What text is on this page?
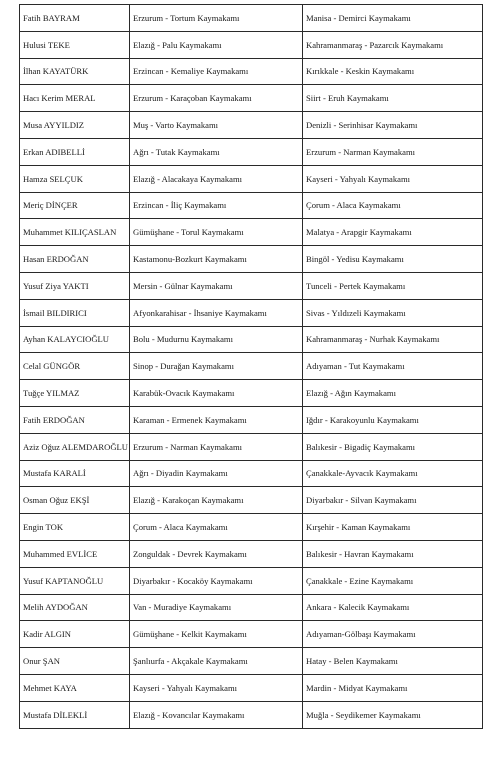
Fatih BAYRAM	Erzurum - Tortum Kaymakamı	Manisa - Demirci Kaymakamı
Hulusi TEKE	Elazığ - Palu Kaymakamı	Kahramanmaraş - Pazarcık Kaymakamı
İlhan KAYATÜRK	Erzincan - Kemaliye Kaymakamı	Kırıkkale - Keskin Kaymakamı
Hacı Kerim MERAL	Erzurum - Karaçoban Kaymakamı	Siirt - Eruh Kaymakamı
Musa AYYILDIZ	Muş - Varto Kaymakamı	Denizli - Serinhisar Kaymakamı
Erkan ADIBELLİ	Ağrı - Tutak Kaymakamı	Erzurum - Narman Kaymakamı
Hamza SELÇUK	Elazığ - Alacakaya Kaymakamı	Kayseri - Yahyalı Kaymakamı
Meriç DİNÇER	Erzincan - İliç Kaymakamı	Çorum - Alaca Kaymakamı
Muhammet KILIÇASLAN	Gümüşhane - Torul Kaymakamı	Malatya - Arapgir Kaymakamı
Hasan ERDOĞAN	Kastamonu-Bozkurt Kaymakamı	Bingöl - Yedisu Kaymakamı
Yusuf Ziya YAKTI	Mersin - Gülnar Kaymakamı	Tunceli - Pertek Kaymakamı
İsmail BILDIRICI	Afyonkarahisar - İhsaniye Kaymakamı	Sivas - Yıldızeli Kaymakamı
Ayhan KALAYCIOĞLU	Bolu - Mudurnu Kaymakamı	Kahramanmaraş - Nurhak Kaymakamı
Celal GÜNGÖR	Sinop - Durağan Kaymakamı	Adıyaman - Tut Kaymakamı
Tuğçe YILMAZ	Karabük-Ovacık Kaymakamı	Elazığ - Ağın Kaymakamı
Fatih ERDOĞAN	Karaman - Ermenek Kaymakamı	Iğdır - Karakoyunlu Kaymakamı
Aziz Oğuz ALEMDAROĞLU	Erzurum - Narman Kaymakamı	Balıkesir - Bigadiç Kaymakamı
Mustafa KARALİ	Ağrı - Diyadin Kaymakamı	Çanakkale-Ayvacık Kaymakamı
Osman Oğuz EKŞİ	Elazığ - Karakoçan Kaymakamı	Diyarbakır - Silvan Kaymakamı
Engin TOK	Çorum - Alaca Kaymakamı	Kırşehir - Kaman Kaymakamı
Muhammed EVLİCE	Zonguldak - Devrek Kaymakamı	Balıkesir - Havran Kaymakamı
Yusuf KAPTANOĞLU	Diyarbakır - Kocaköy Kaymakamı	Çanakkale - Ezine Kaymakamı
Melih AYDOĞAN	Van - Muradiye Kaymakamı	Ankara - Kalecik Kaymakamı
Kadir ALGIN	Gümüşhane - Kelkit Kaymakamı	Adıyaman-Gölbaşı Kaymakamı
Onur ŞAN	Şanlıurfa - Akçakale Kaymakamı	Hatay - Belen Kaymakamı
Mehmet KAYA	Kayseri - Yahyalı Kaymakamı	Mardin - Midyat Kaymakamı
Mustafa DİLEKLİ	Elazığ - Kovancılar Kaymakamı	Muğla - Seydikemer Kaymakamı
